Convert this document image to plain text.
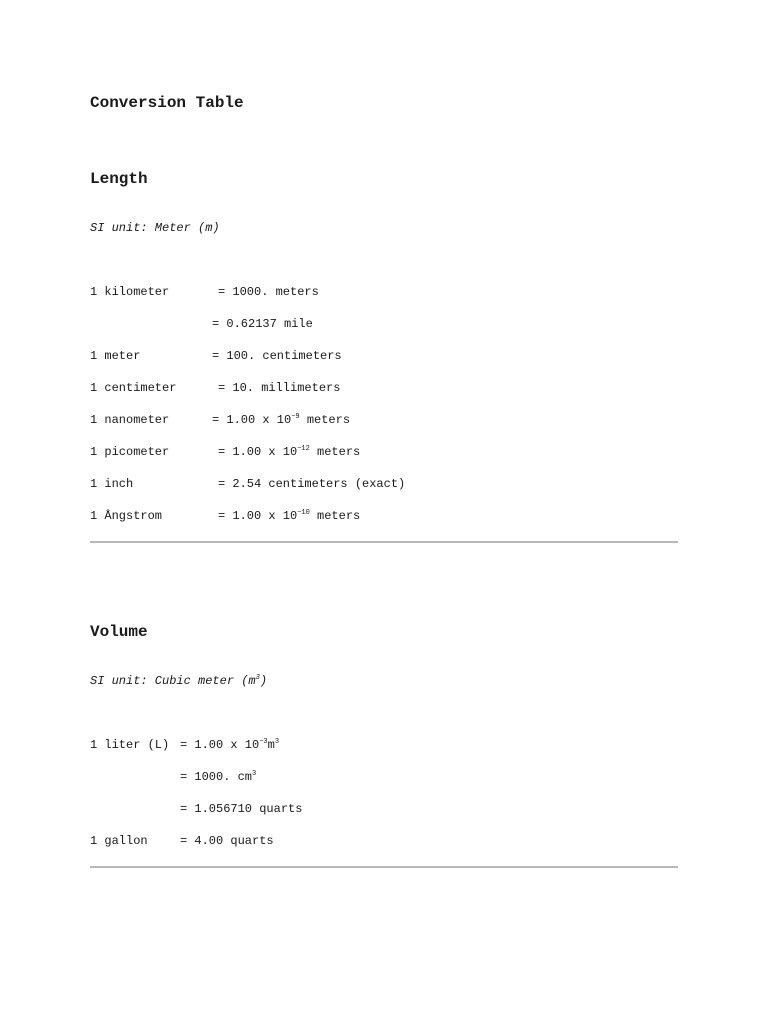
Conversion Table
Length
SI unit: Meter (m)
1 kilometer	= 1000. meters
= 0.62137 mile
1 meter	= 100. centimeters
1 centimeter	= 10. millimeters
1 nanometer	= 1.00 x $10^{-9}$ meters
1 picometer	= 1.00 x $10^{-12}$ meters
1 inch	= 2.54 centimeters (exact)
1 Ångstrom	= 1.00 x $10^{-10}$ meters
Volume
SI unit: Cubic meter $(m^3)$
1 liter (L) = 1.00 x $10^{-3}m^3$
= 1000. $cm^3$
= 1.056710 quarts
1 gallon	= 4.00 quarts
